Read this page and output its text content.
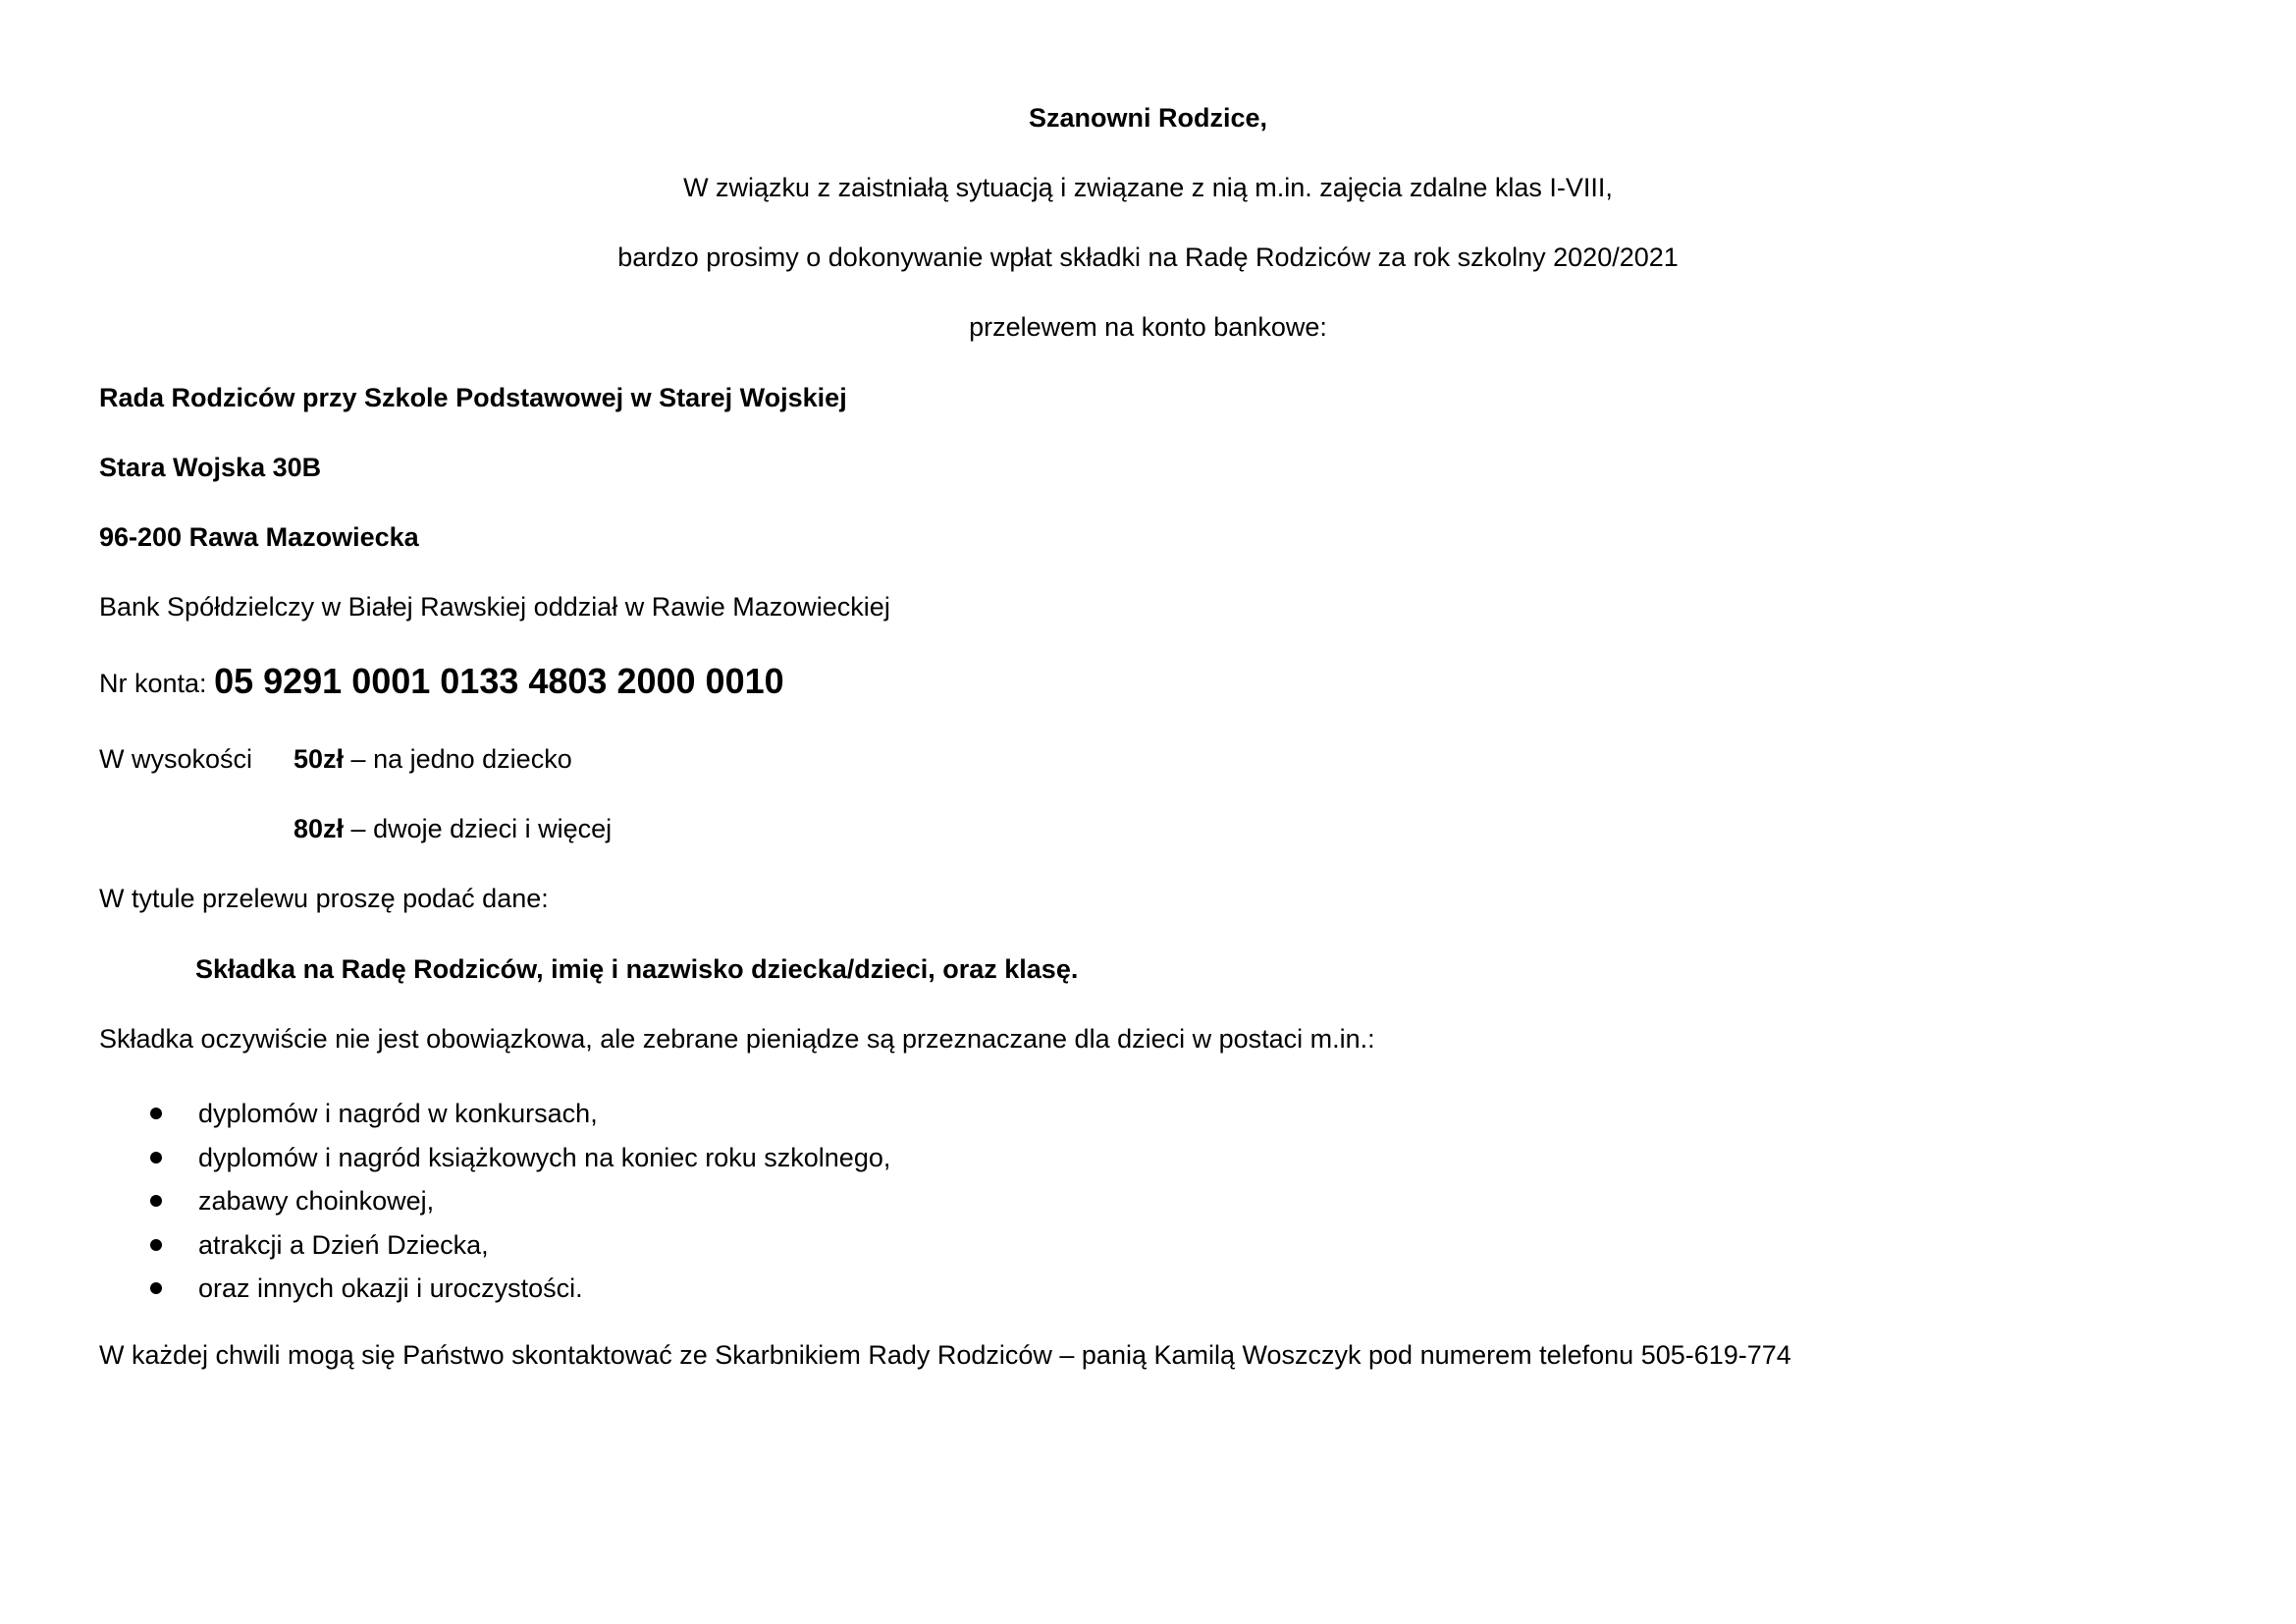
Szanowni Rodzice,
W związku z zaistniałą sytuacją i związane z nią m.in. zajęcia zdalne klas I-VIII,
bardzo prosimy o dokonywanie wpłat składki na Radę Rodziców za rok szkolny 2020/2021
przelewem na konto bankowe:
Rada Rodziców przy Szkole Podstawowej w Starej Wojskiej
Stara Wojska 30B
96-200 Rawa Mazowiecka
Bank Spółdzielczy w Białej Rawskiej oddział w Rawie Mazowieckiej
Nr konta: 05 9291 0001 0133 4803 2000 0010
W wysokości 50zł – na jedno dziecko
80zł – dwoje dzieci i więcej
W tytule przelewu proszę podać dane:
Składka na Radę Rodziców, imię i nazwisko dziecka/dzieci, oraz klasę.
Składka oczywiście nie jest obowiązkowa, ale zebrane pieniądze są przeznaczane dla dzieci w postaci m.in.:
dyplomów i nagród w konkursach,
dyplomów i nagród książkowych na koniec roku szkolnego,
zabawy choinkowej,
atrakcji a Dzień Dziecka,
oraz innych okazji i uroczystości.
W każdej chwili mogą się Państwo skontaktować ze Skarbnikiem Rady Rodziców – panią Kamilą Woszczyk pod numerem telefonu 505-619-774
